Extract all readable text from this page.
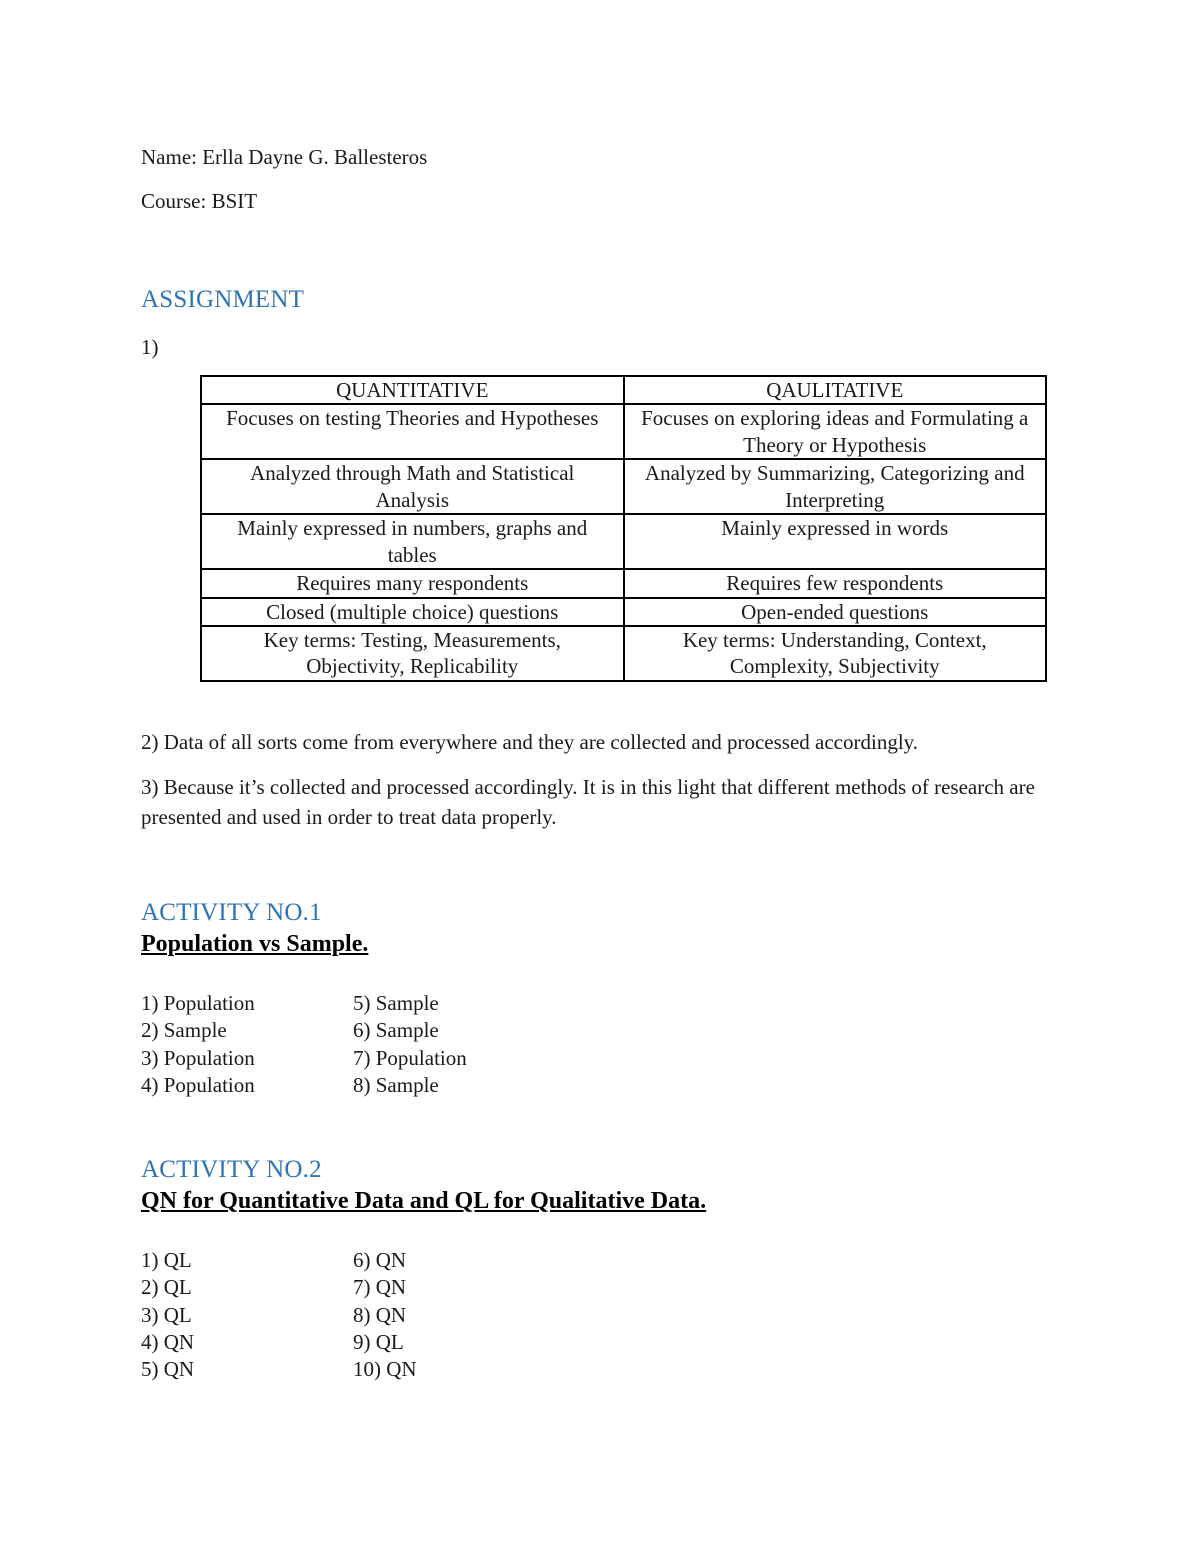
Name: Erlla Dayne G. Ballesteros
Course: BSIT
ASSIGNMENT
1)
QUANTITATIVE	QAULITATIVE
Focuses on testing Theories and Hypotheses	Focuses on exploring ideas and Formulating a Theory or Hypothesis
Analyzed through Math and Statistical Analysis	Analyzed by Summarizing, Categorizing and Interpreting
Mainly expressed in numbers, graphs and tables	Mainly expressed in words
Requires many respondents	Requires few respondents
Closed (multiple choice) questions	Open-ended questions
Key terms: Testing, Measurements, Objectivity, Replicability	Key terms: Understanding, Context, Complexity, Subjectivity
2) Data of all sorts come from everywhere and they are collected and processed accordingly.
3) Because it’s collected and processed accordingly. It is in this light that different methods of research are presented and used in order to treat data properly.
ACTIVITY NO.1
Population vs Sample.
1) Population	5) Sample
2) Sample	6) Sample
3) Population	7) Population
4) Population	8) Sample
ACTIVITY NO.2
QN for Quantitative Data and QL for Qualitative Data.
1) QL	6) QN
2) QL	7) QN
3) QL	8) QN
4) QN	9) QL
5) QN	10) QN
